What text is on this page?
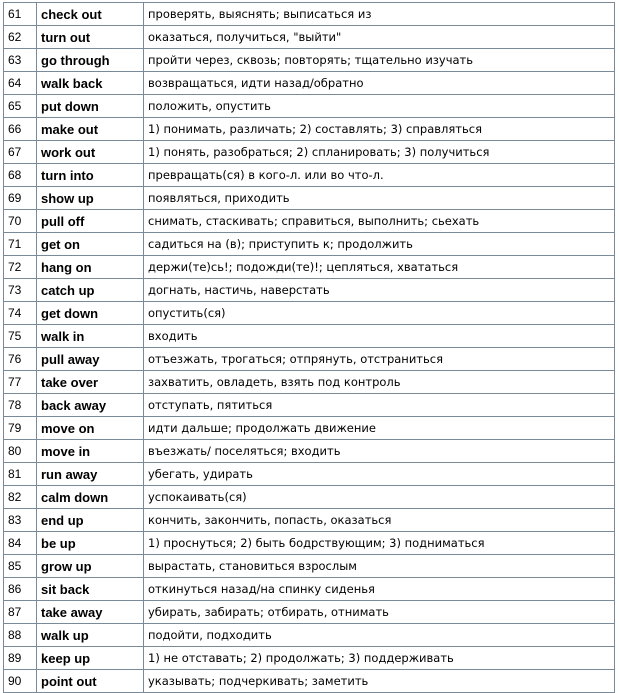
61	check out	проверять, выяснять; выписаться из
62	turn out	оказаться, получиться, "выйти"
63	go through	пройти через, сквозь; повторять; тщательно изучать
64	walk back	возвращаться, идти назад/обратно
65	put down	положить, опустить
66	make out	1) понимать, различать; 2) составлять; 3) справляться
67	work out	1) понять, разобраться; 2) спланировать; 3) получиться
68	turn into	превращать(ся) в кого-л. или во что-л.
69	show up	появляться, приходить
70	pull off	снимать, стаскивать; справиться, выполнить; сьехать
71	get on	садиться на (в); приступить к; продолжить
72	hang on	держи(те)сь!; подожди(те)!; цепляться, хвататься
73	catch up	догнать, настичь, наверстать
74	get down	опустить(ся)
75	walk in	входить
76	pull away	отъезжать, трогаться; отпрянуть, отстраниться
77	take over	захватить, овладеть, взять под контроль
78	back away	отступать, пятиться
79	move on	идти дальше; продолжать движение
80	move in	въезжать/ поселяться; входить
81	run away	убегать, удирать
82	calm down	успокаивать(ся)
83	end up	кончить, закончить, попасть, оказаться
84	be up	1) проснуться; 2) быть бодрствующим; 3) подниматься
85	grow up	вырастать, становиться взрослым
86	sit back	откинуться назад/на спинку сиденья
87	take away	убирать, забирать; отбирать, отнимать
88	walk up	подойти, подходить
89	keep up	1) не отставать; 2) продолжать; 3) поддерживать
90	point out	указывать; подчеркивать; заметить
